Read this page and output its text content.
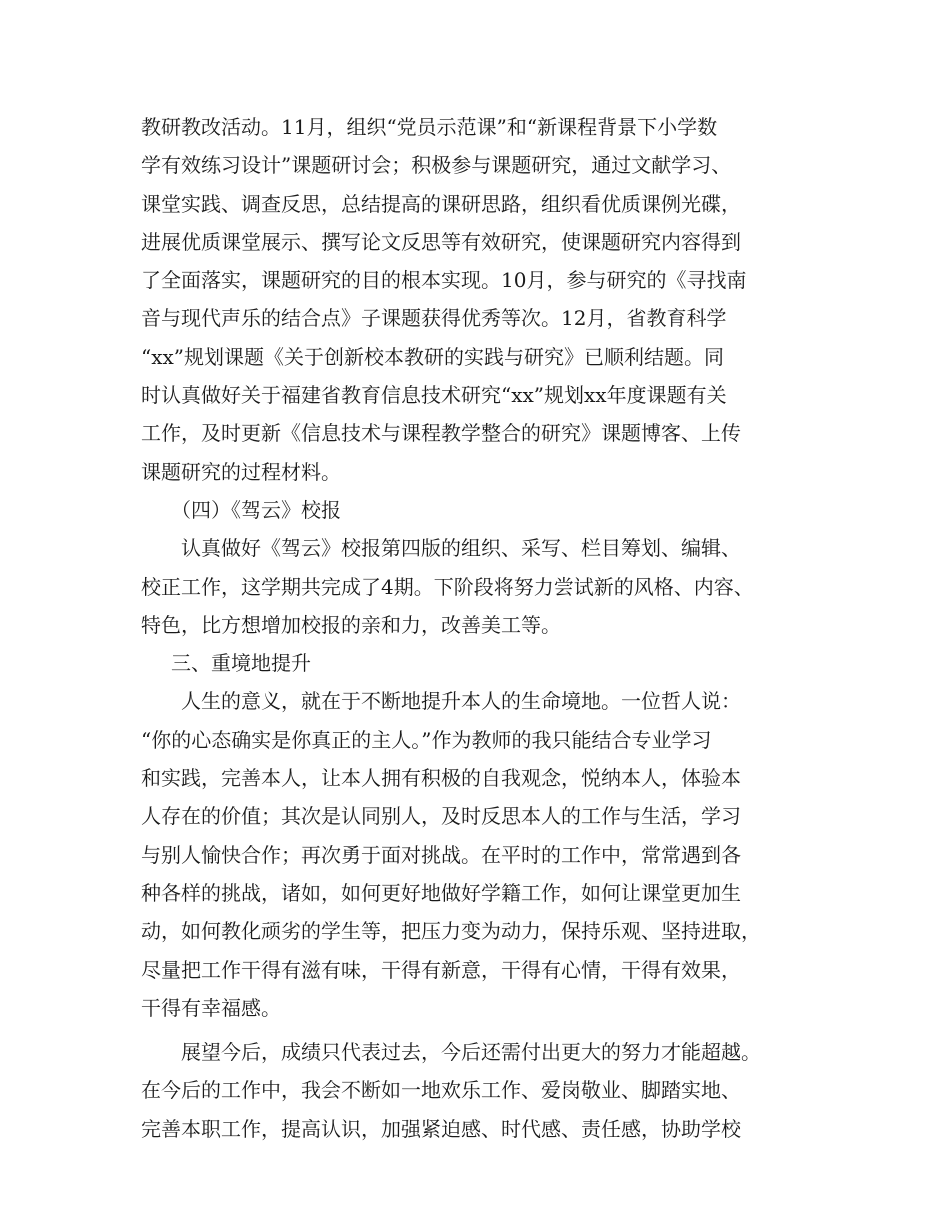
教研教改活动。11月，组织“党员示范课”和“新课程背景下小学数
学有效练习设计”课题研讨会；积极参与课题研究，通过文献学习、
课堂实践、调查反思，总结提高的课研思路，组织看优质课例光碟，
进展优质课堂展示、撰写论文反思等有效研究，使课题研究内容得到
了全面落实，课题研究的目的根本实现。10月，参与研究的《寻找南
音与现代声乐的结合点》子课题获得优秀等次。12月，省教育科学
“xx”规划课题《关于创新校本教研的实践与研究》已顺利结题。同
时认真做好关于福建省教育信息技术研究“xx”规划xx年度课题有关
工作，及时更新《信息技术与课程教学整合的研究》课题博客、上传
课题研究的过程材料。
（四）《驾云》校报
认真做好《驾云》校报第四版的组织、采写、栏目筹划、编辑、
校正工作，这学期共完成了4期。下阶段将努力尝试新的风格、内容、
特色，比方想增加校报的亲和力，改善美工等。
三、重境地提升
人生的意义，就在于不断地提升本人的生命境地。一位哲人说：
“你的心态确实是你真正的主人。”作为教师的我只能结合专业学习
和实践，完善本人，让本人拥有积极的自我观念，悦纳本人，体验本
人存在的价值；其次是认同别人，及时反思本人的工作与生活，学习
与别人愉快合作；再次勇于面对挑战。在平时的工作中，常常遇到各
种各样的挑战，诸如，如何更好地做好学籍工作，如何让课堂更加生
动，如何教化顽劣的学生等，把压力变为动力，保持乐观、坚持进取，
尽量把工作干得有滋有味，干得有新意，干得有心情，干得有效果，
干得有幸福感。
展望今后，成绩只代表过去，今后还需付出更大的努力才能超越。
在今后的工作中，我会不断如一地欢乐工作、爱岗敬业、脚踏实地、
完善本职工作，提高认识，加强紧迫感、时代感、责任感，协助学校
